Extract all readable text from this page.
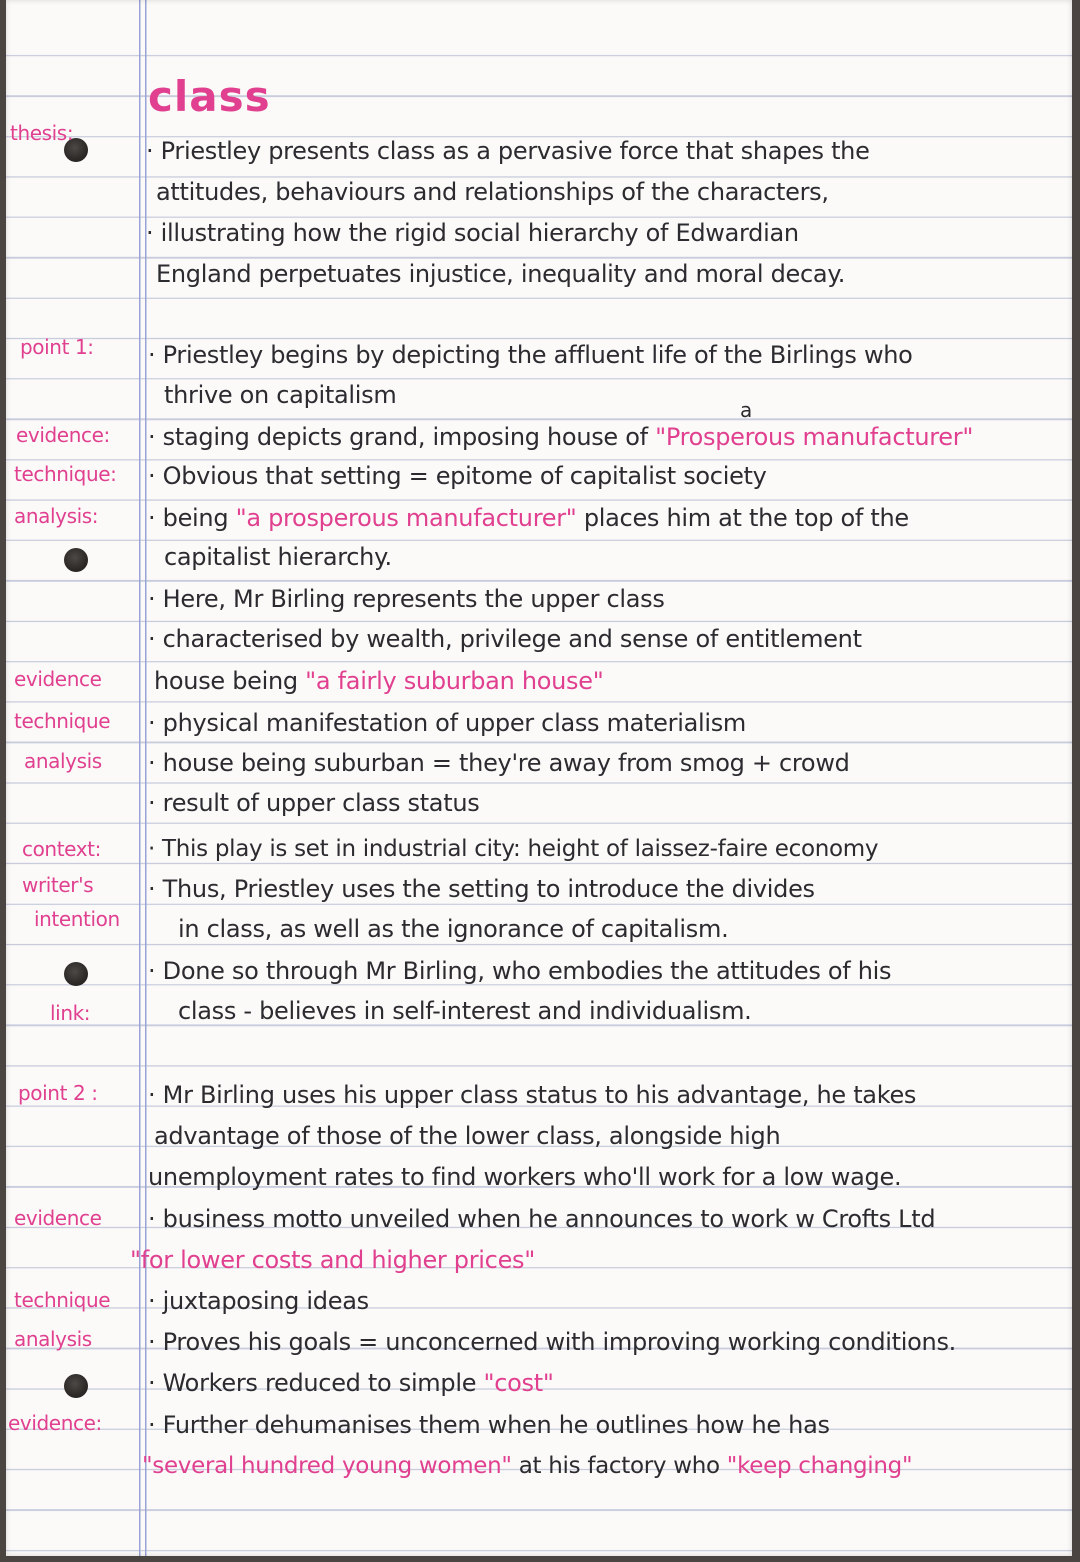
class
thesis:
point 1:
evidence:
technique:
analysis:
evidence
technique
analysis
context:
writer's
intention
link:
point 2 :
evidence
technique
analysis
evidence:
· Priestley presents class as a pervasive force that shapes the
attitudes, behaviours and relationships of the characters,
· illustrating how the rigid social hierarchy of Edwardian
England perpetuates injustice, inequality and moral decay.
· Priestley begins by depicting the affluent life of the Birlings who
thrive on capitalism
a
· staging depicts grand, imposing house of "Prosperous manufacturer"
· Obvious that setting = epitome of capitalist society
· being "a prosperous manufacturer" places him at the top of the
capitalist hierarchy.
· Here, Mr Birling represents the upper class
· characterised by wealth, privilege and sense of entitlement
house being "a fairly suburban house"
· physical manifestation of upper class materialism
· house being suburban = they're away from smog + crowd
· result of upper class status
· This play is set in industrial city: height of laissez-faire economy
· Thus, Priestley uses the setting to introduce the divides
in class, as well as the ignorance of capitalism.
· Done so through Mr Birling, who embodies the attitudes of his
class - believes in self-interest and individualism.
· Mr Birling uses his upper class status to his advantage, he takes
advantage of those of the lower class, alongside high
unemployment rates to find workers who'll work for a low wage.
· business motto unveiled when he announces to work w Crofts Ltd
"for lower costs and higher prices"
· juxtaposing ideas
· Proves his goals = unconcerned with improving working conditions.
· Workers reduced to simple "cost"
· Further dehumanises them when he outlines how he has
"several hundred young women" at his factory who "keep changing"
